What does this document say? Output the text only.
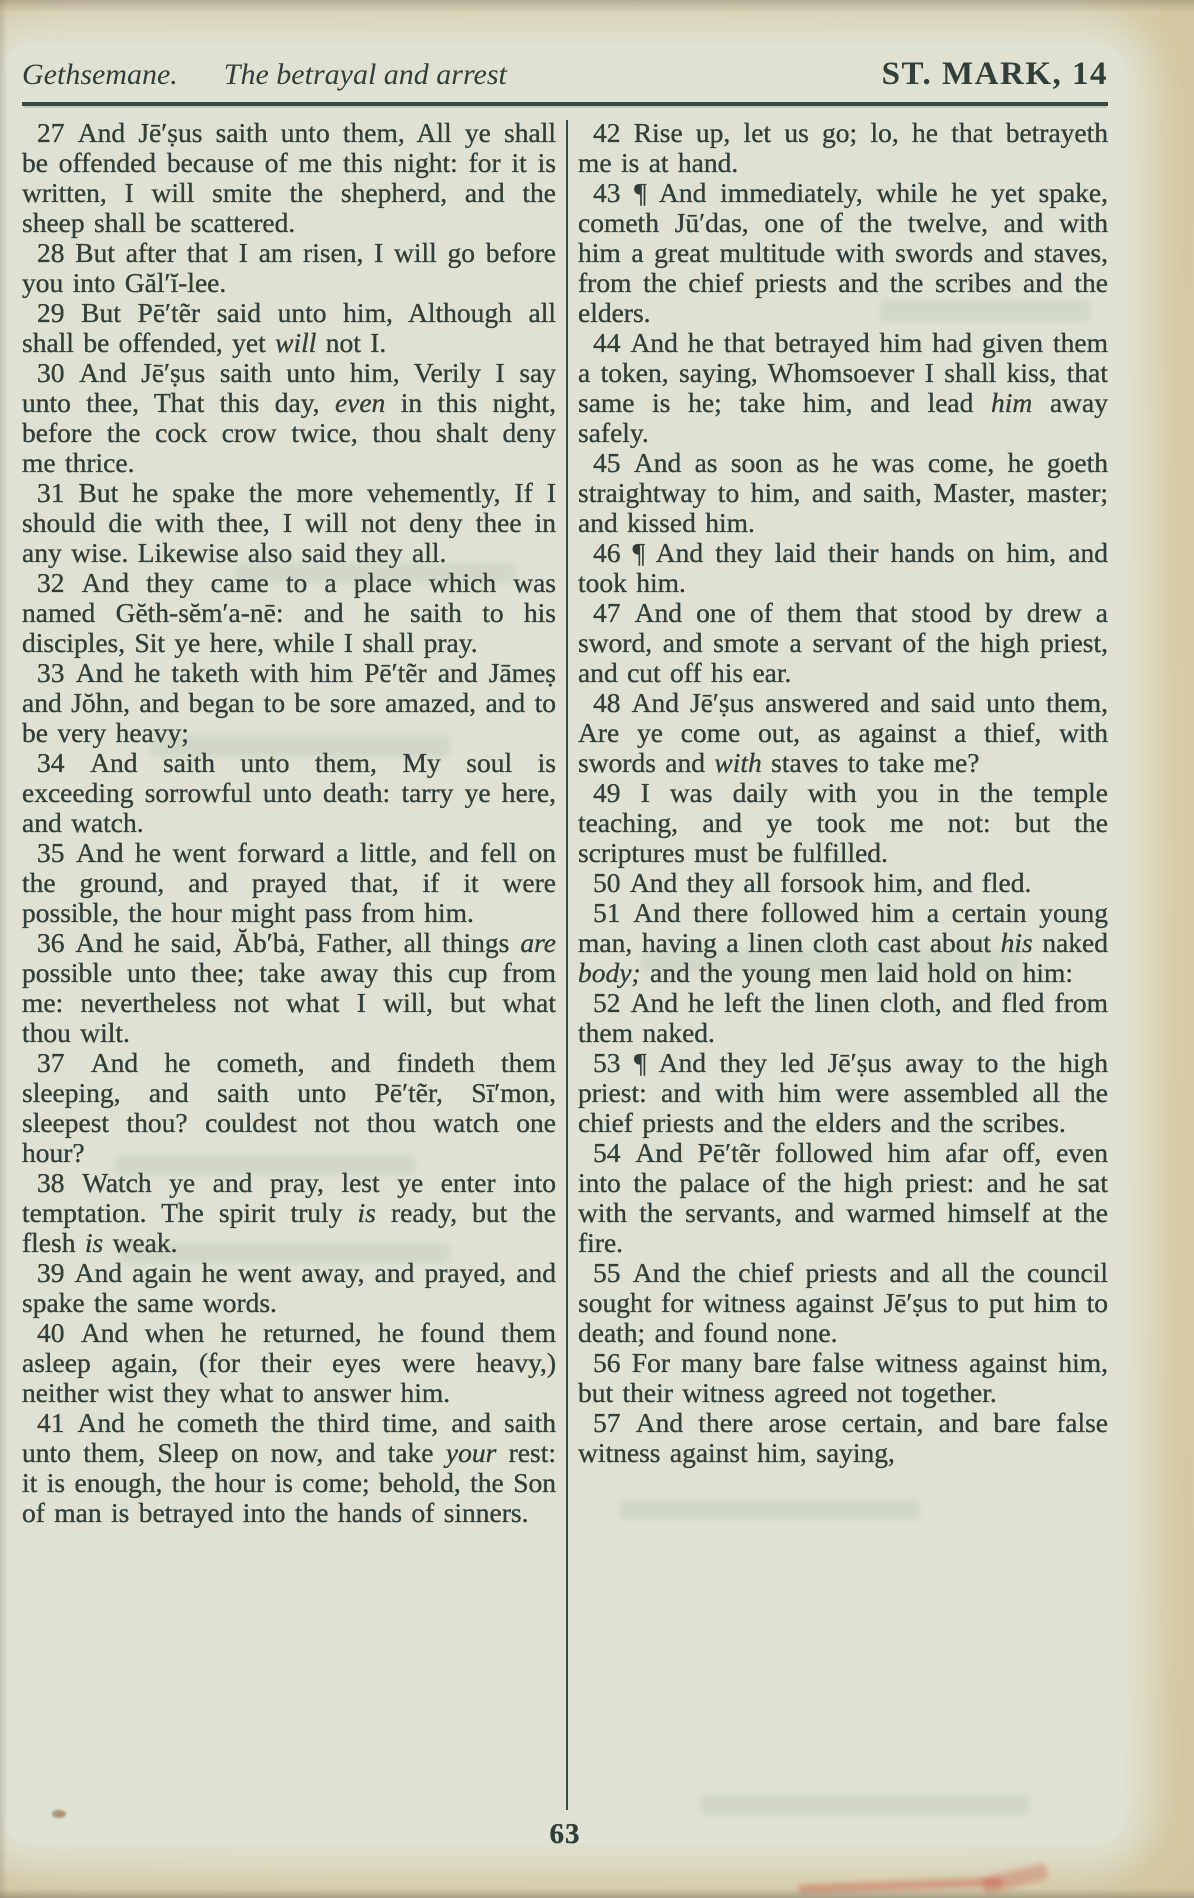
Gethsemane. The betrayal and arrest	ST. MARK, 14

27 And Jē′ṣus saith unto them, All ye shall be offended because of me this night: for it is written, I will smite the shepherd, and the sheep shall be scattered.

28 But after that I am risen, I will go before you into Găl′ĭ-lee.

29 But Pē′tẽr said unto him, Although all shall be offended, yet will not I.

30 And Jē′ṣus saith unto him, Verily I say unto thee, That this day, even in this night, before the cock crow twice, thou shalt deny me thrice.

31 But he spake the more vehemently, If I should die with thee, I will not deny thee in any wise. Likewise also said they all.

32 And they came to a place which was named Gĕth-sĕm′a-nē: and he saith to his disciples, Sit ye here, while I shall pray.

33 And he taketh with him Pē′tẽr and Jāmeṣ and Jŏhn, and began to be sore amazed, and to be very heavy;

34 And saith unto them, My soul is exceeding sorrowful unto death: tarry ye here, and watch.

35 And he went forward a little, and fell on the ground, and prayed that, if it were possible, the hour might pass from him.

36 And he said, Ăb′bȧ, Father, all things are possible unto thee; take away this cup from me: nevertheless not what I will, but what thou wilt.

37 And he cometh, and findeth them sleeping, and saith unto Pē′tẽr, Sī′mon, sleepest thou? couldest not thou watch one hour?

38 Watch ye and pray, lest ye enter into temptation. The spirit truly is ready, but the flesh is weak.

39 And again he went away, and prayed, and spake the same words.

40 And when he returned, he found them asleep again, (for their eyes were heavy,) neither wist they what to answer him.

41 And he cometh the third time, and saith unto them, Sleep on now, and take your rest: it is enough, the hour is come; behold, the Son of man is betrayed into the hands of sinners.

42 Rise up, let us go; lo, he that betrayeth me is at hand.

43 ¶ And immediately, while he yet spake, cometh Jū′das, one of the twelve, and with him a great multitude with swords and staves, from the chief priests and the scribes and the elders.

44 And he that betrayed him had given them a token, saying, Whomsoever I shall kiss, that same is he; take him, and lead him away safely.

45 And as soon as he was come, he goeth straightway to him, and saith, Master, master; and kissed him.

46 ¶ And they laid their hands on him, and took him.

47 And one of them that stood by drew a sword, and smote a servant of the high priest, and cut off his ear.

48 And Jē′ṣus answered and said unto them, Are ye come out, as against a thief, with swords and with staves to take me?

49 I was daily with you in the temple teaching, and ye took me not: but the scriptures must be fulfilled.

50 And they all forsook him, and fled.

51 And there followed him a certain young man, having a linen cloth cast about his naked body; and the young men laid hold on him:

52 And he left the linen cloth, and fled from them naked.

53 ¶ And they led Jē′ṣus away to the high priest: and with him were assembled all the chief priests and the elders and the scribes.

54 And Pē′tẽr followed him afar off, even into the palace of the high priest: and he sat with the servants, and warmed himself at the fire.

55 And the chief priests and all the council sought for witness against Jē′ṣus to put him to death; and found none.

56 For many bare false witness against him, but their witness agreed not together.

57 And there arose certain, and bare false witness against him, saying,

63
